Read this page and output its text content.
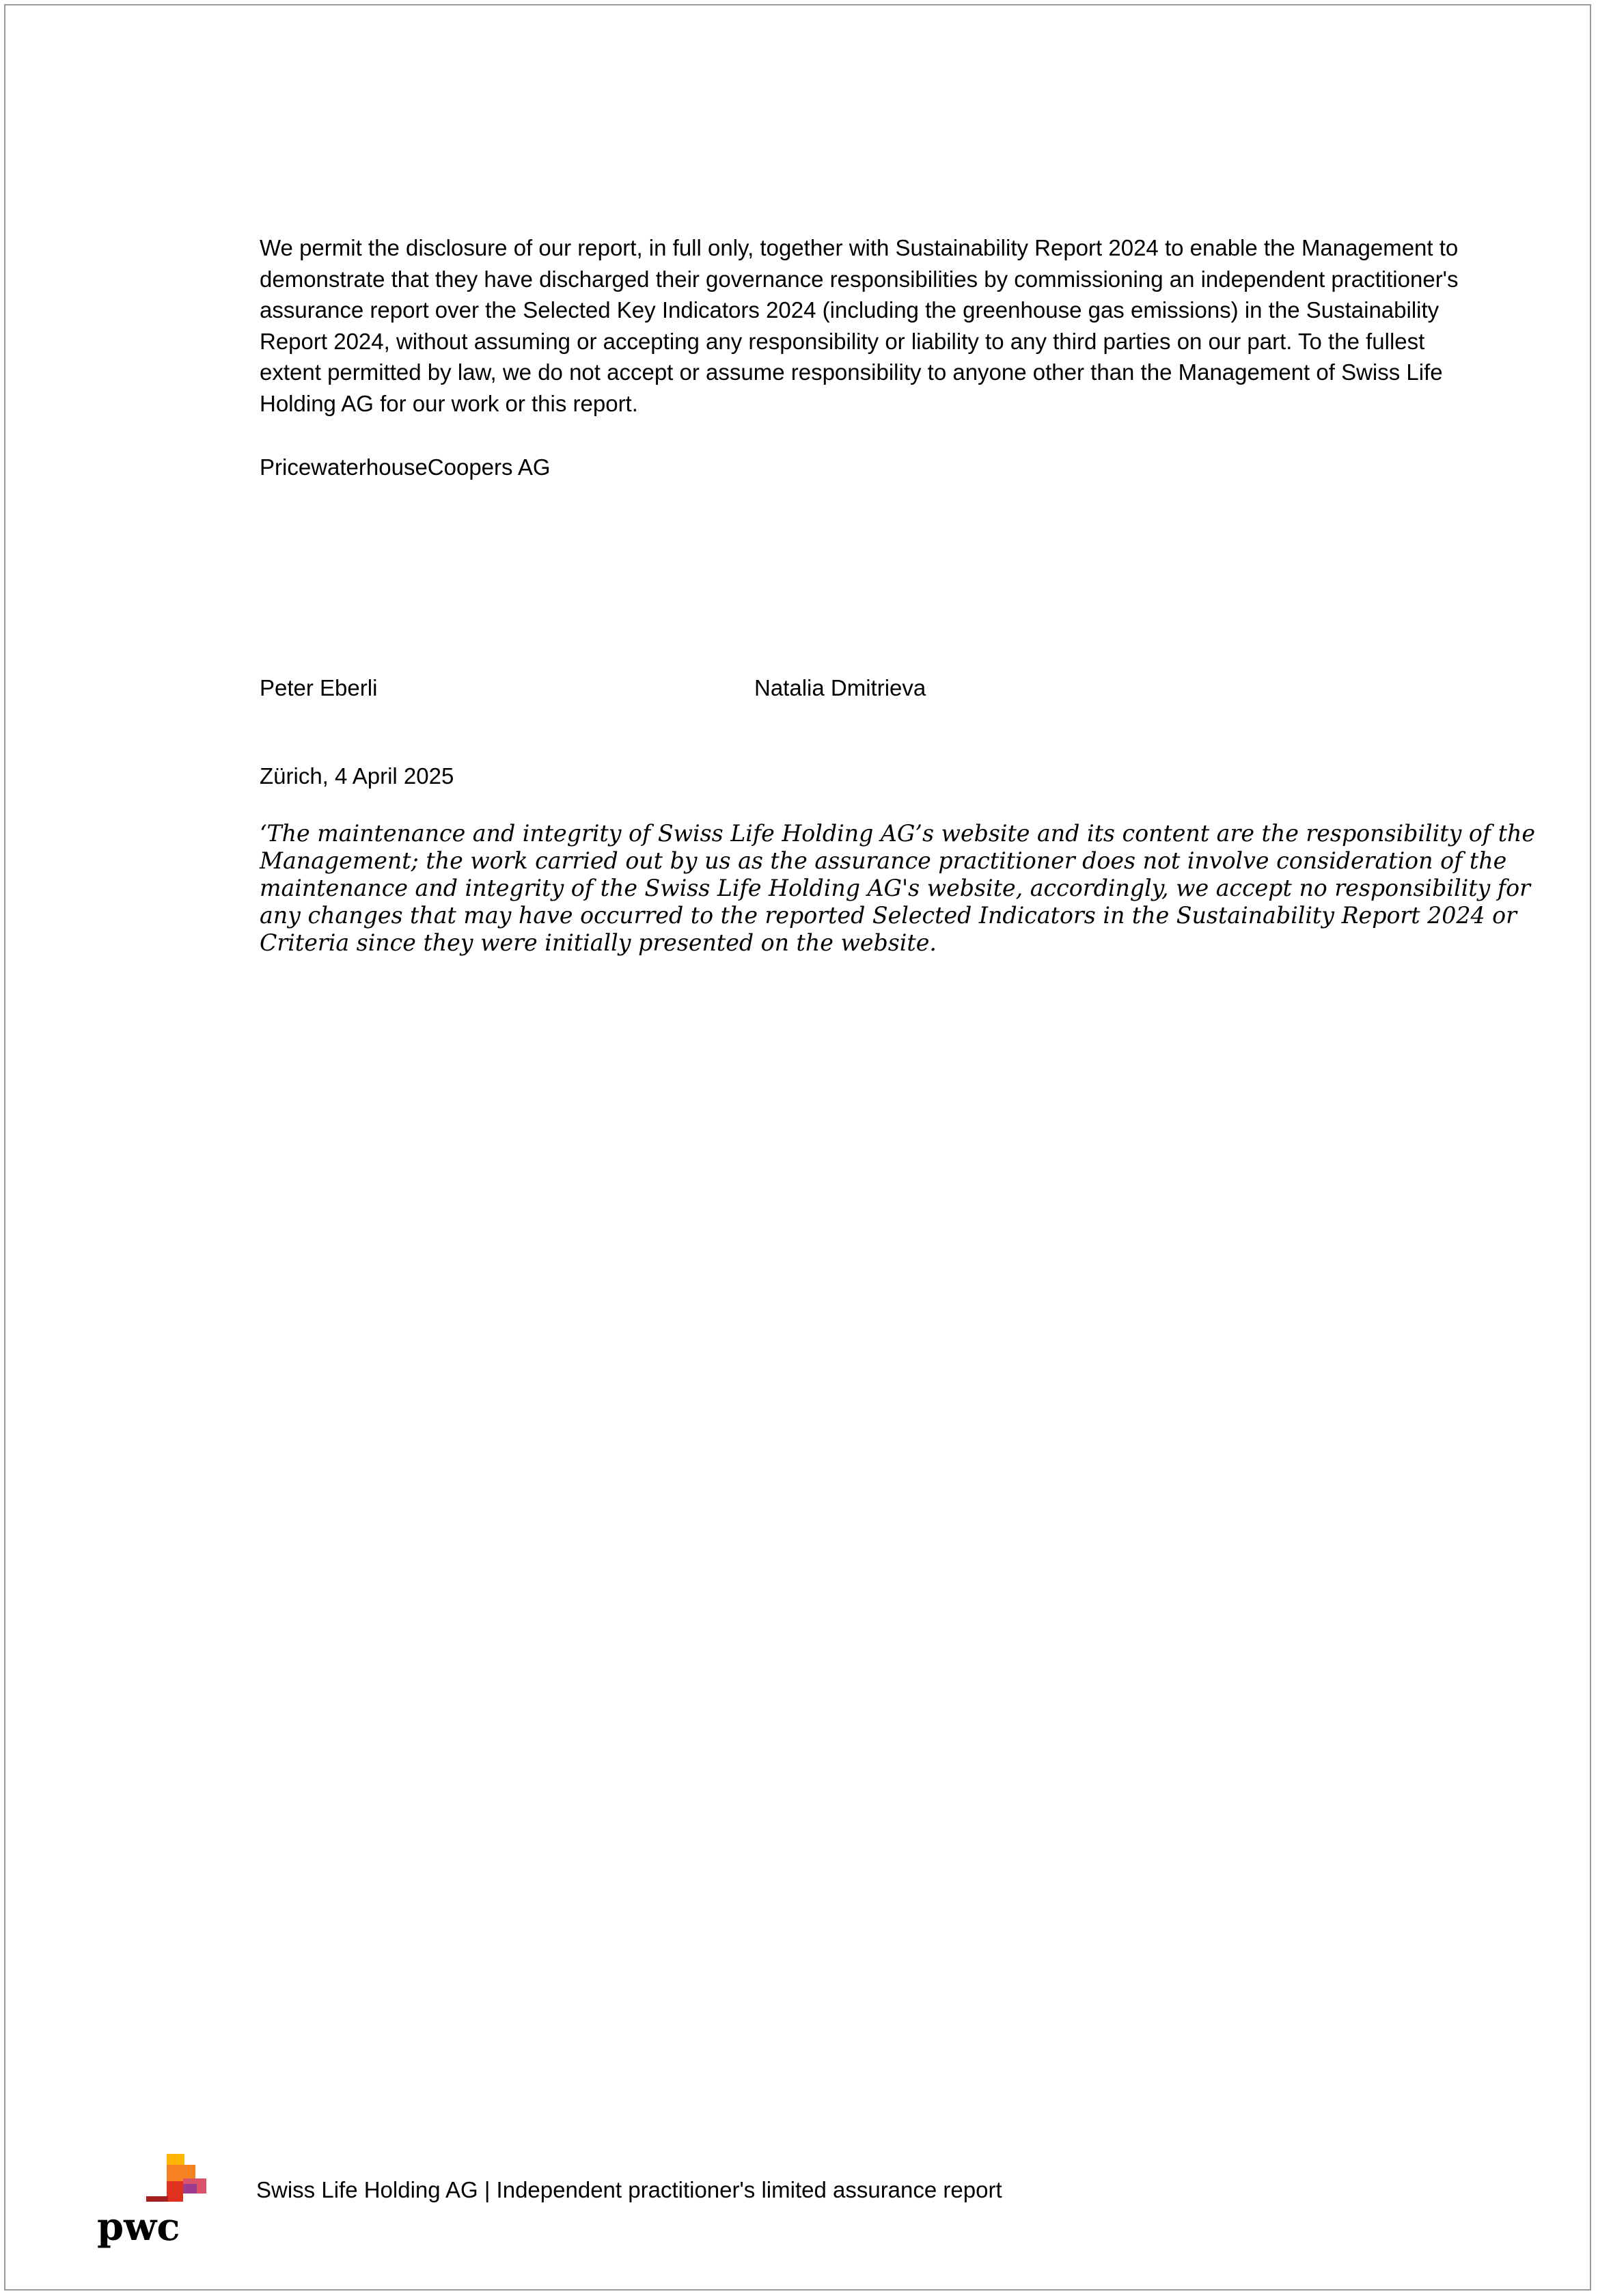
We permit the disclosure of our report, in full only, together with Sustainability Report 2024 to enable the Management to
demonstrate that they have discharged their governance responsibilities by commissioning an independent practitioner's
assurance report over the Selected Key Indicators 2024 (including the greenhouse gas emissions) in the Sustainability
Report 2024, without assuming or accepting any responsibility or liability to any third parties on our part. To the fullest
extent permitted by law, we do not accept or assume responsibility to anyone other than the Management of Swiss Life
Holding AG for our work or this report.
PricewaterhouseCoopers AG
Peter Eberli	Natalia Dmitrieva
Zürich, 4 April 2025
‘The maintenance and integrity of Swiss Life Holding AG’s website and its content are the responsibility of the
Management; the work carried out by us as the assurance practitioner does not involve consideration of the
maintenance and integrity of the Swiss Life Holding AG's website, accordingly, we accept no responsibility for
any changes that may have occurred to the reported Selected Indicators in the Sustainability Report 2024 or
Criteria since they were initially presented on the website.
pwc
Swiss Life Holding AG | Independent practitioner's limited assurance report
